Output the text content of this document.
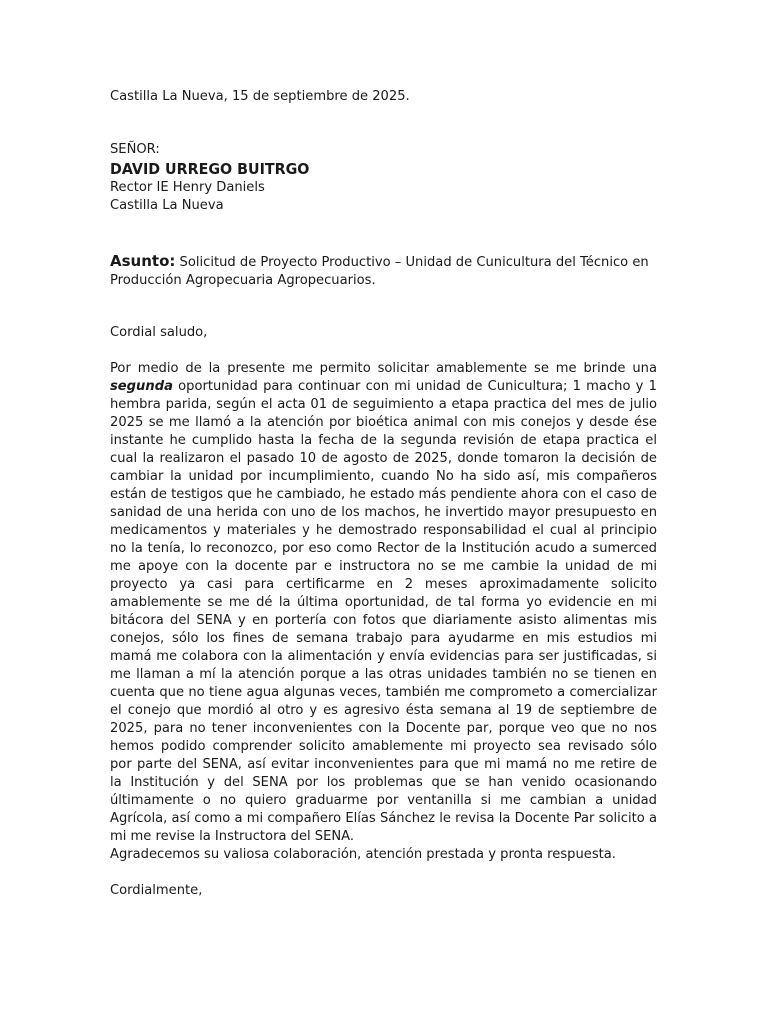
Castilla La Nueva, 15 de septiembre de 2025.
SEÑOR:
DAVID URREGO BUITRGO
Rector IE Henry Daniels
Castilla La Nueva

Asunto: Solicitud de Proyecto Productivo – Unidad de Cunicultura del Técnico en Producción Agropecuaria Agropecuarios.

Cordial saludo,

Por medio de la presente me permito solicitar amablemente se me brinde una segunda oportunidad para continuar con mi unidad de Cunicultura; 1 macho y 1 hembra parida, según el acta 01 de seguimiento a etapa practica del mes de julio 2025 se me llamó a la atención por bioética animal con mis conejos y desde ése instante he cumplido hasta la fecha de la segunda revisión de etapa practica el cual la realizaron el pasado 10 de agosto de 2025, donde tomaron la decisión de cambiar la unidad por incumplimiento, cuando No ha sido así, mis compañeros están de testigos que he cambiado, he estado más pendiente ahora con el caso de sanidad de una herida con uno de los machos, he invertido mayor presupuesto en medicamentos y materiales y he demostrado responsabilidad el cual al principio no la tenía, lo reconozco, por eso como Rector de la Institución acudo a sumerced me apoye con la docente par e instructora no se me cambie la unidad de mi proyecto ya casi para certificarme en 2 meses aproximadamente solicito amablemente se me dé la última oportunidad, de tal forma yo evidencie en mi bitácora del SENA y en portería con fotos que diariamente asisto alimentas mis conejos, sólo los fines de semana trabajo para ayudarme en mis estudios mi mamá me colabora con la alimentación y envía evidencias para ser justificadas, si me llaman a mí la atención porque a las otras unidades también no se tienen en cuenta que no tiene agua algunas veces, también me comprometo a comercializar el conejo que mordió al otro y es agresivo ésta semana al 19 de septiembre de 2025, para no tener inconvenientes con la Docente par, porque veo que no nos hemos podido comprender solicito amablemente mi proyecto sea revisado sólo por parte del SENA, así evitar inconvenientes para que mi mamá no me retire de la Institución y del SENA por los problemas que se han venido ocasionando últimamente o no quiero graduarme por ventanilla si me cambian a unidad Agrícola, así como a mi compañero Elías Sánchez le revisa la Docente Par solicito a mi me revise la Instructora del SENA.

Agradecemos su valiosa colaboración, atención prestada y pronta respuesta.
Cordialmente,
